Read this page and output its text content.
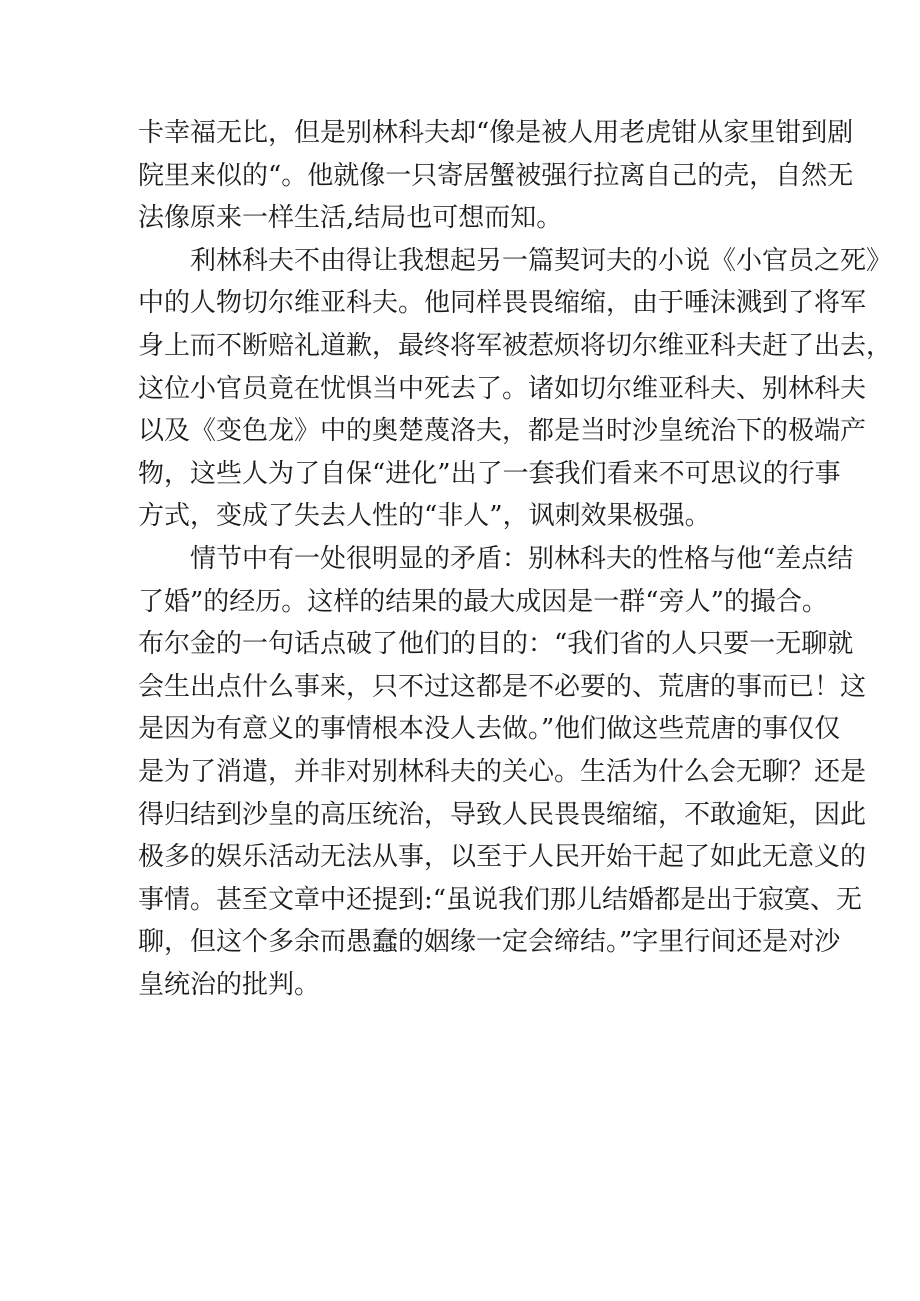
卡幸福无比，但是别林科夫却“像是被人用老虎钳从家里钳到剧
院里来似的“。他就像一只寄居蟹被强行拉离自己的壳，自然无
法像原来一样生活,结局也可想而知。
利林科夫不由得让我想起另一篇契诃夫的小说《小官员之死》
中的人物切尔维亚科夫。他同样畏畏缩缩，由于唾沫溅到了将军
身上而不断赔礼道歉，最终将军被惹烦将切尔维亚科夫赶了出去，
这位小官员竟在忧惧当中死去了。诸如切尔维亚科夫、别林科夫
以及《变色龙》中的奥楚蔑洛夫，都是当时沙皇统治下的极端产
物，这些人为了自保“进化”出了一套我们看来不可思议的行事
方式，变成了失去人性的“非人”，讽刺效果极强。
情节中有一处很明显的矛盾：别林科夫的性格与他“差点结
了婚”的经历。这样的结果的最大成因是一群“旁人”的撮合。
布尔金的一句话点破了他们的目的：“我们省的人只要一无聊就
会生出点什么事来，只不过这都是不必要的、荒唐的事而已！这
是因为有意义的事情根本没人去做。”他们做这些荒唐的事仅仅
是为了消遣，并非对别林科夫的关心。生活为什么会无聊？还是
得归结到沙皇的高压统治，导致人民畏畏缩缩，不敢逾矩，因此
极多的娱乐活动无法从事，以至于人民开始干起了如此无意义的
事情。甚至文章中还提到:“虽说我们那儿结婚都是出于寂寞、无
聊，但这个多余而愚蠢的姻缘一定会缔结。”字里行间还是对沙
皇统治的批判。
